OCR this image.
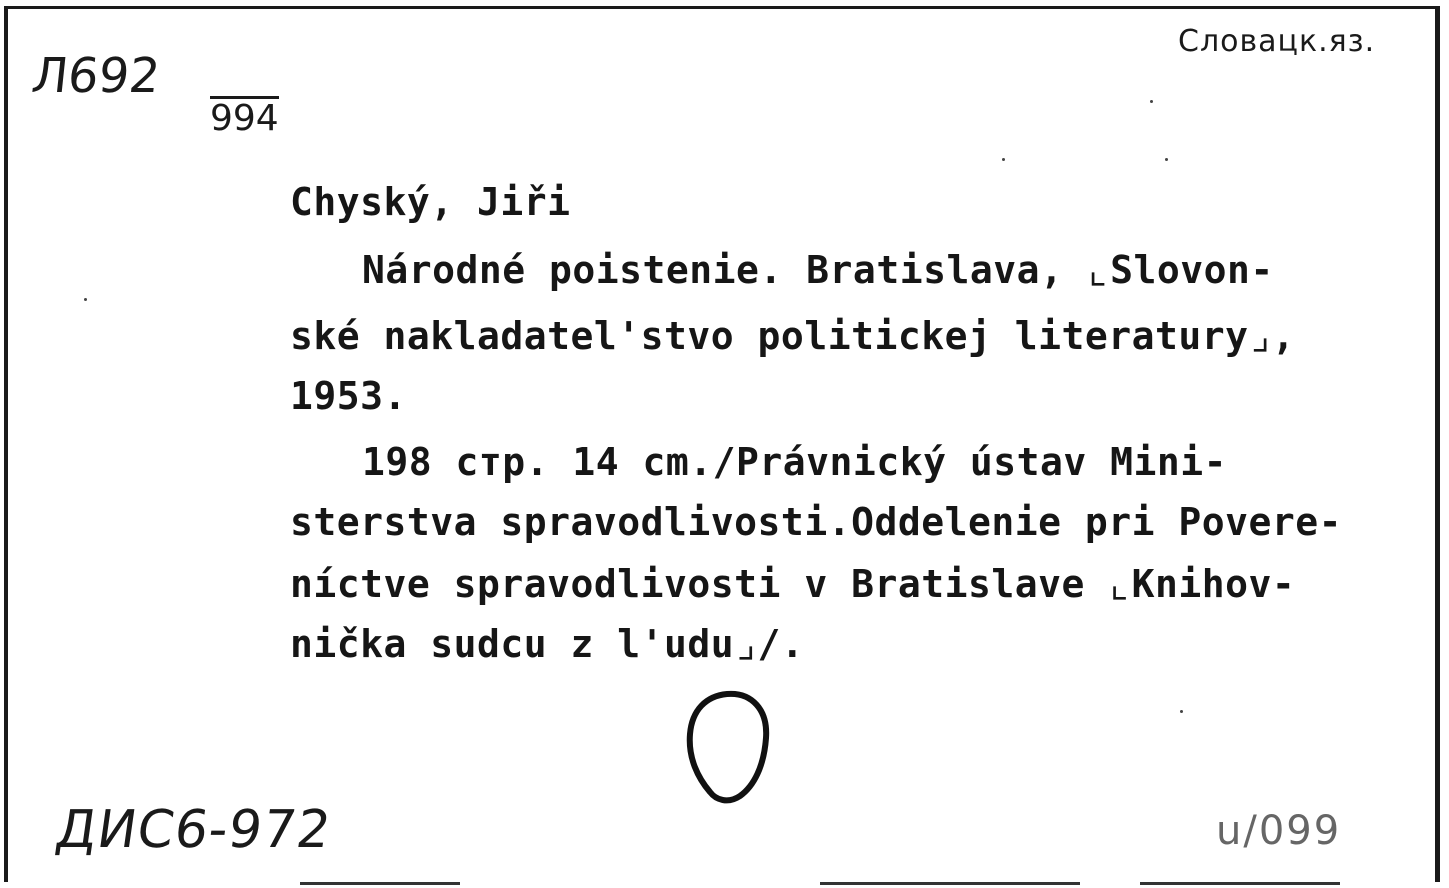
Л692
994
Словацк.яз.

Chyský, Jiři

Národné poistenie. Bratislava, ⌞Slovon-

ské nakladatel'stvo politickej literatury⌟,

1953.

198 стр. 14 cm./Právnický ústav Mini-

sterstva spravodlivosti.Oddelenie pri Povere-

níctve spravodlivosti v Bratislave ⌞Knihov-

nička sudcu z l'udu⌟/.

ДИС6-972	u/099
